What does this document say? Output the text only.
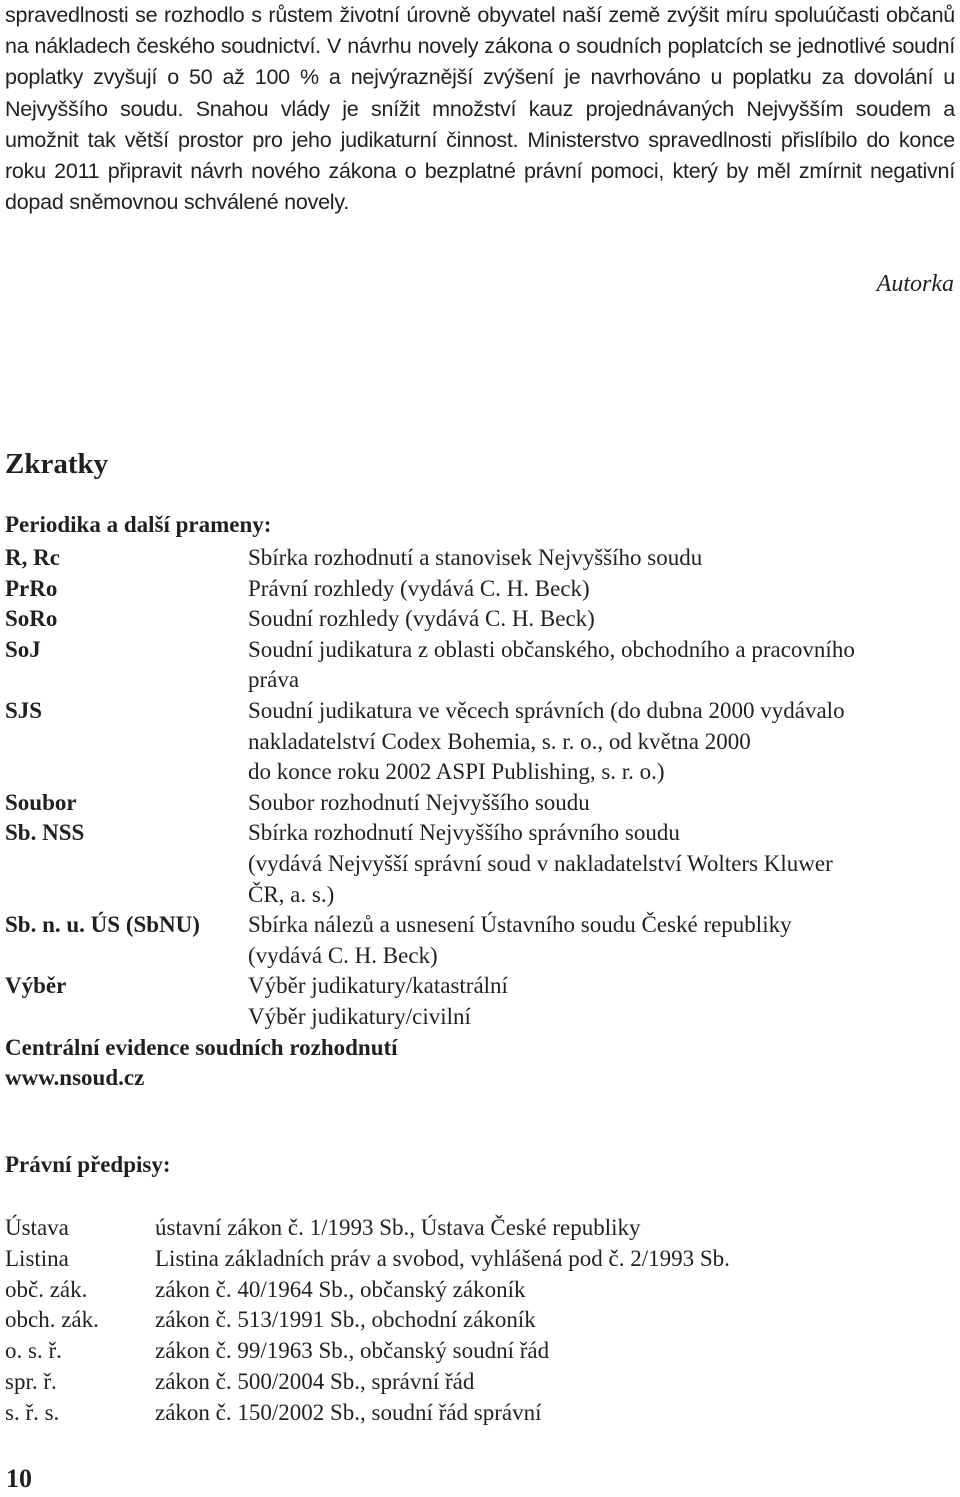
spravedlnosti se rozhodlo s růstem životní úrovně obyvatel naší země zvýšit míru spoluúčasti občanů na nákladech českého soudnictví. V návrhu novely zákona o soudních poplatcích se jednotlivé soudní poplatky zvyšují o 50 až 100 % a nejvýraznější zvýšení je navrhováno u poplatku za dovolání u Nejvyššího soudu. Snahou vlády je snížit množství kauz projednávaných Nejvyšším soudem a umožnit tak větší prostor pro jeho judikaturní činnost. Ministerstvo spravedlnosti přislíbilo do konce roku 2011 připravit návrh nového zákona o bezplatné právní pomoci, který by měl zmírnit negativní dopad sněmovnou schválené novely.

Autorka

Zkratky

Periodika a další prameny:

R, Rc	Sbírka rozhodnutí a stanovisek Nejvyššího soudu
PrRo	Právní rozhledy (vydává C. H. Beck)
SoRo	Soudní rozhledy (vydává C. H. Beck)
SoJ	Soudní judikatura z oblasti občanského, obchodního a pracovního
práva
SJS	Soudní judikatura ve věcech správních (do dubna 2000 vydávalo
nakladatelství Codex Bohemia, s. r. o., od května 2000
do konce roku 2002 ASPI Publishing, s. r. o.)
Soubor	Soubor rozhodnutí Nejvyššího soudu
Sb. NSS	Sbírka rozhodnutí Nejvyššího správního soudu
(vydává Nejvyšší správní soud v nakladatelství Wolters Kluwer
ČR, a. s.)
Sb. n. u. ÚS (SbNU)	Sbírka nálezů a usnesení Ústavního soudu České republiky
(vydává C. H. Beck)
Výběr	Výběr judikatury/katastrální
Výběr judikatury/civilní
Centrální evidence soudních rozhodnutí
www.nsoud.cz

Právní předpisy:

Ústava	ústavní zákon č. 1/1993 Sb., Ústava České republiky
Listina	Listina základních práv a svobod, vyhlášená pod č. 2/1993 Sb.
obč. zák.	zákon č. 40/1964 Sb., občanský zákoník
obch. zák.	zákon č. 513/1991 Sb., obchodní zákoník
o. s. ř.	zákon č. 99/1963 Sb., občanský soudní řád
spr. ř.	zákon č. 500/2004 Sb., správní řád
s. ř. s.	zákon č. 150/2002 Sb., soudní řád správní

10
